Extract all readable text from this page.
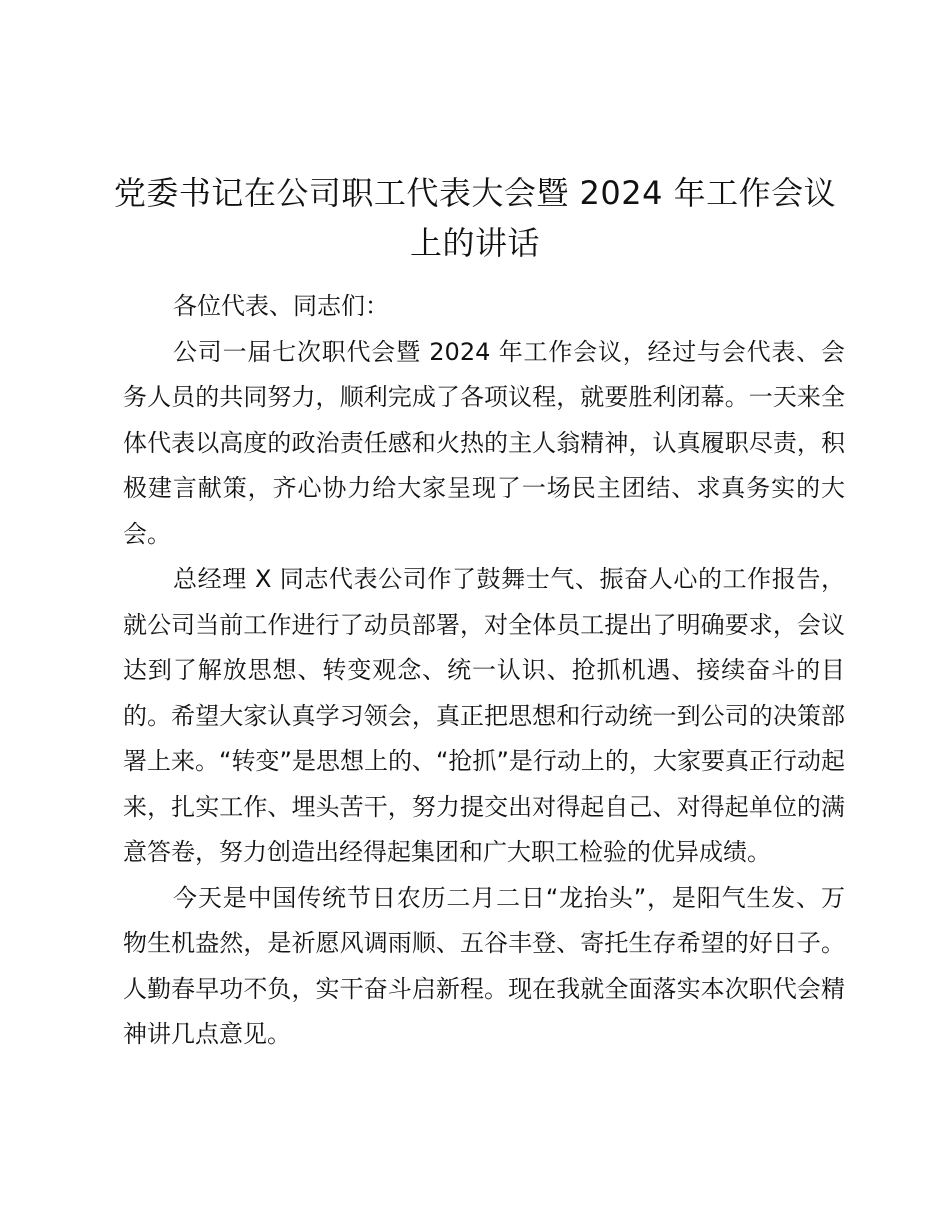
党委书记在公司职工代表大会暨 2024 年工作会议上的讲话

各位代表、同志们：

公司一届七次职代会暨 2024 年工作会议，经过与会代表、会务人员的共同努力，顺利完成了各项议程，就要胜利闭幕。一天来全体代表以高度的政治责任感和火热的主人翁精神，认真履职尽责，积极建言献策，齐心协力给大家呈现了一场民主团结、求真务实的大会。

总经理 X 同志代表公司作了鼓舞士气、振奋人心的工作报告，就公司当前工作进行了动员部署，对全体员工提出了明确要求，会议达到了解放思想、转变观念、统一认识、抢抓机遇、接续奋斗的目的。希望大家认真学习领会，真正把思想和行动统一到公司的决策部署上来。“转变”是思想上的、“抢抓”是行动上的，大家要真正行动起来，扎实工作、埋头苦干，努力提交出对得起自己、对得起单位的满意答卷，努力创造出经得起集团和广大职工检验的优异成绩。

今天是中国传统节日农历二月二日“龙抬头”，是阳气生发、万物生机盎然，是祈愿风调雨顺、五谷丰登、寄托生存希望的好日子。人勤春早功不负，实干奋斗启新程。现在我就全面落实本次职代会精神讲几点意见。
